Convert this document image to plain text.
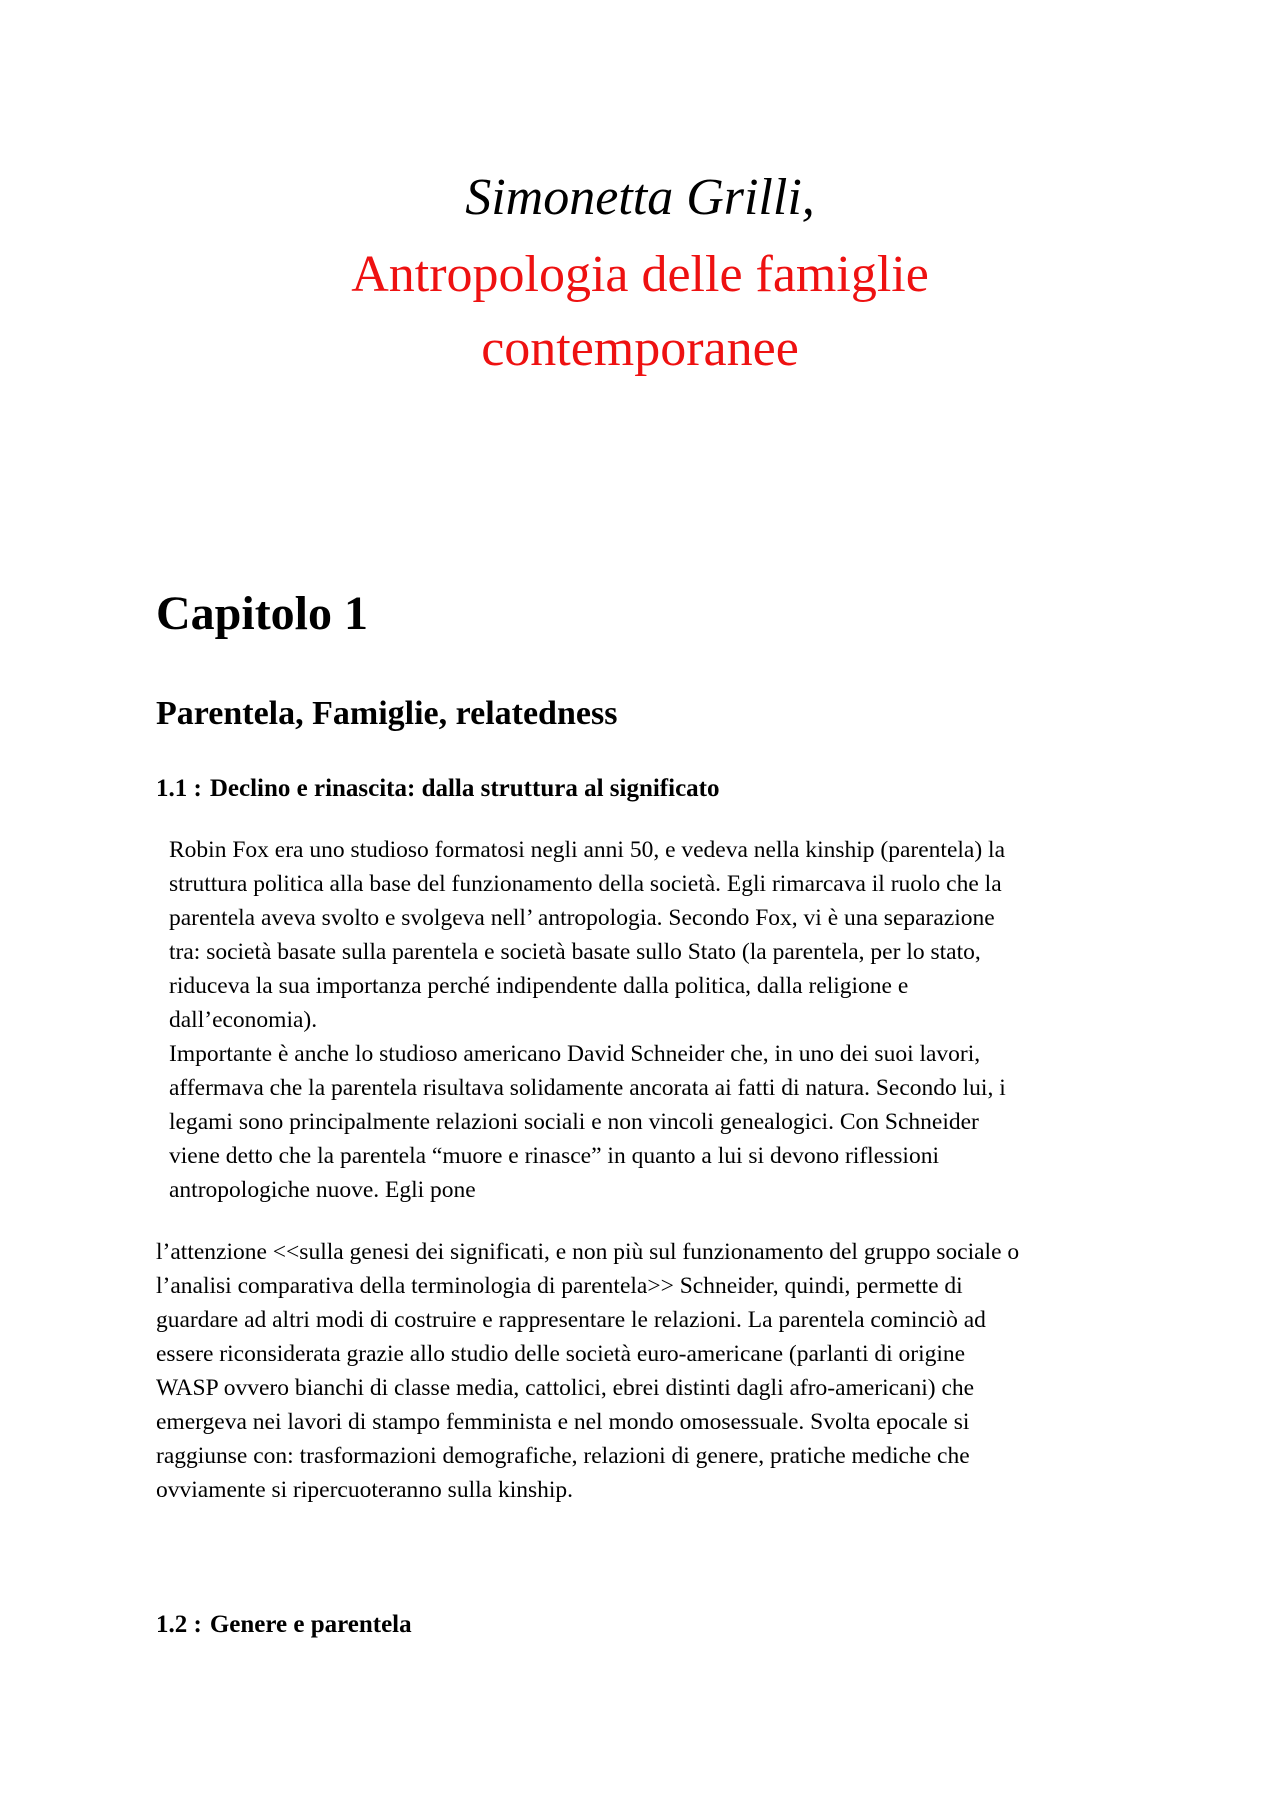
Simonetta Grilli,
Antropologia delle famiglie
contemporanee
Capitolo 1
Parentela, Famiglie, relatedness
1.1 : Declino e rinascita: dalla struttura al significato

Robin Fox era uno studioso formatosi negli anni 50, e vedeva nella kinship (parentela) la
struttura politica alla base del funzionamento della società. Egli rimarcava il ruolo che la
parentela aveva svolto e svolgeva nell’ antropologia. Secondo Fox, vi è una separazione
tra: società basate sulla parentela e società basate sullo Stato (la parentela, per lo stato,
riduceva la sua importanza perché indipendente dalla politica, dalla religione e
dall’economia).

Importante è anche lo studioso americano David Schneider che, in uno dei suoi lavori,
affermava che la parentela risultava solidamente ancorata ai fatti di natura. Secondo lui, i
legami sono principalmente relazioni sociali e non vincoli genealogici. Con Schneider
viene detto che la parentela “muore e rinasce” in quanto a lui si devono riflessioni
antropologiche nuove. Egli pone

l’attenzione <<sulla genesi dei significati, e non più sul funzionamento del gruppo sociale o
l’analisi comparativa della terminologia di parentela>> Schneider, quindi, permette di
guardare ad altri modi di costruire e rappresentare le relazioni. La parentela cominciò ad
essere riconsiderata grazie allo studio delle società euro-americane (parlanti di origine
WASP ovvero bianchi di classe media, cattolici, ebrei distinti dagli afro-americani) che
emergeva nei lavori di stampo femminista e nel mondo omosessuale. Svolta epocale si
raggiunse con: trasformazioni demografiche, relazioni di genere, pratiche mediche che
ovviamente si ripercuoteranno sulla kinship.

1.2 : Genere e parentela
